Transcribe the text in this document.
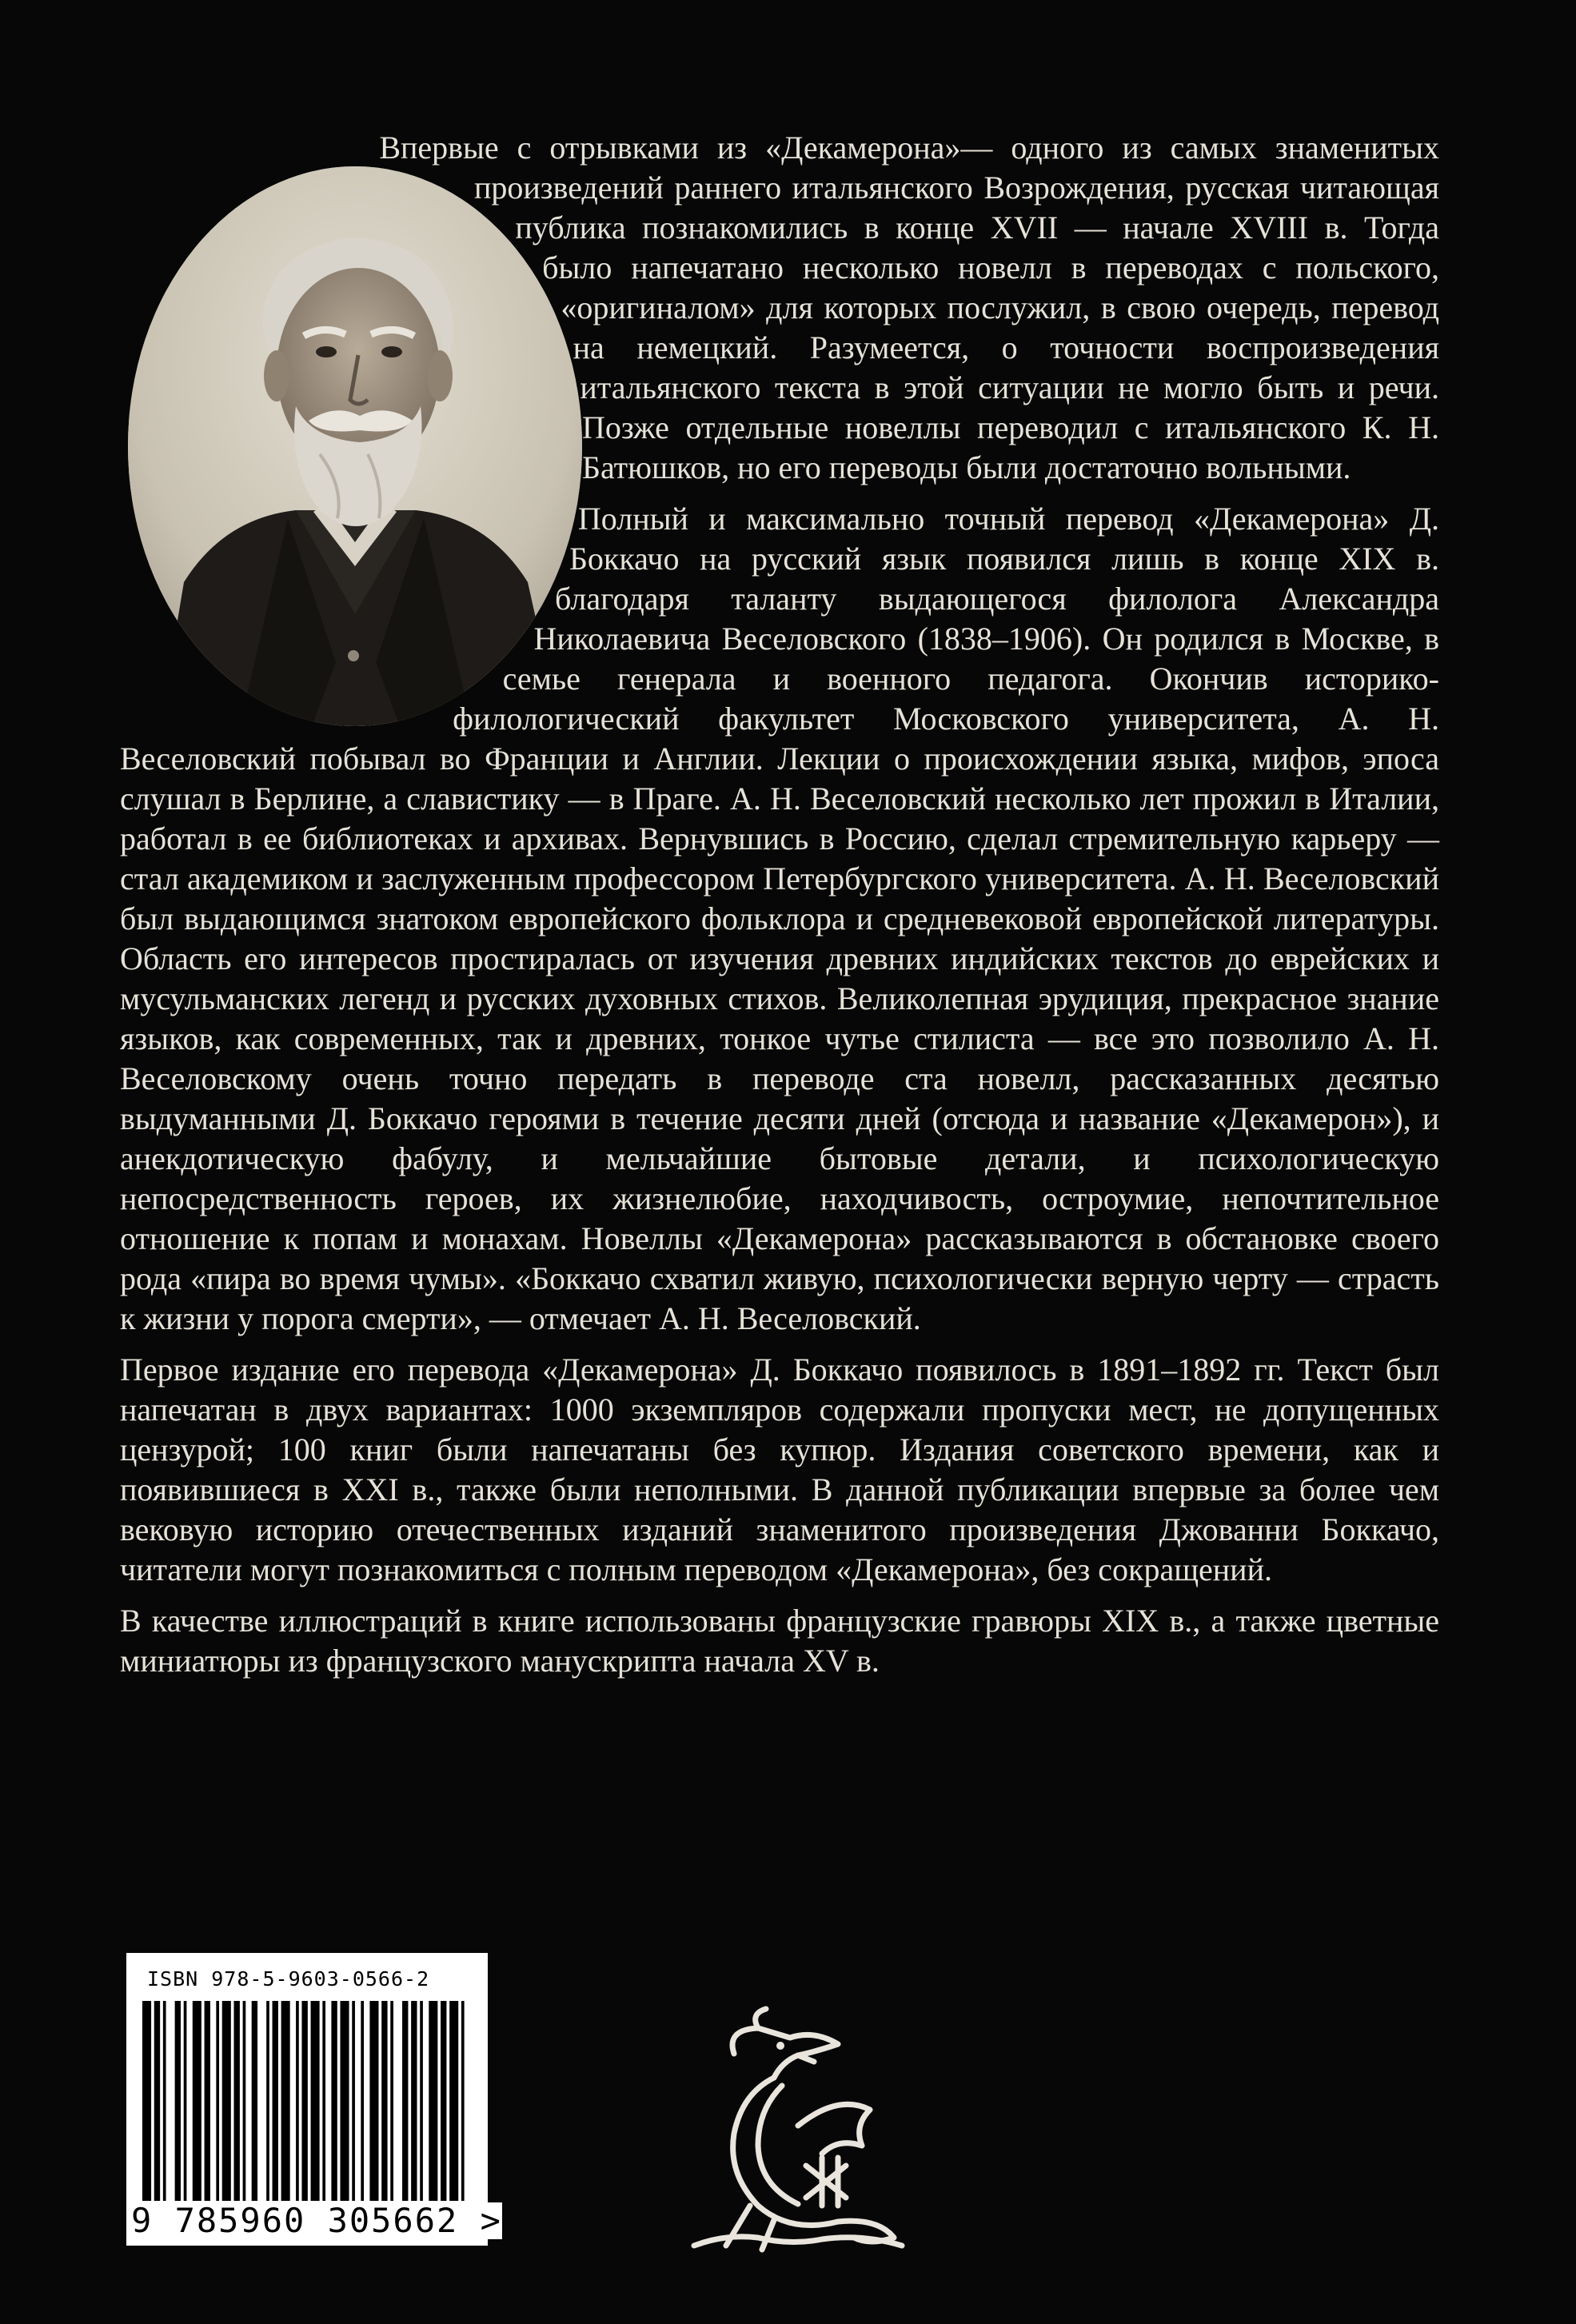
Впервые с отрывками из «Декамерона»— одного из самых знаменитых произведений раннего итальянского Возрождения, русская читающая публика познакомились в конце XVII — начале XVIII в. Тогда было напечатано несколько новелл в переводах с польского, «оригиналом» для которых послужил, в свою очередь, перевод на немецкий. Разумеется, о точности воспроизведения итальянского текста в этой ситуации не могло быть и речи. Позже отдельные новеллы переводил с итальянского К. Н. Батюшков, но его переводы были достаточно вольными.

Полный и максимально точный перевод «Декамерона» Д. Боккачо на русский язык появился лишь в конце XIX в. благодаря таланту выдающегося филолога Александра Николаевича Веселовского (1838–1906). Он родился в Москве, в семье генерала и военного педагога. Окончив историко-филологический факультет Московского университета, А. Н. Веселовский побывал во Франции и Англии. Лекции о происхождении языка, мифов, эпоса слушал в Берлине, а славистику — в Праге. А. Н. Веселовский несколько лет прожил в Италии, работал в ее библиотеках и архивах. Вернувшись в Россию, сделал стремительную карьеру — стал академиком и заслуженным профессором Петербургского университета. А. Н. Веселовский был выдающимся знатоком европейского фольклора и средневековой европейской литературы. Область его интересов простиралась от изучения древних индийских текстов до еврейских и мусульманских легенд и русских духовных стихов. Великолепная эрудиция, прекрасное знание языков, как современных, так и древних, тонкое чутье стилиста — все это позволило А. Н. Веселовскому очень точно передать в переводе ста новелл, рассказанных десятью выдуманными Д. Боккачо героями в течение десяти дней (отсюда и название «Декамерон»), и анекдотическую фабулу, и мельчайшие бытовые детали, и психологическую непосредственность героев, их жизнелюбие, находчивость, остроумие, непочтительное отношение к попам и монахам. Новеллы «Декамерона» рассказываются в обстановке своего рода «пира во время чумы». «Боккачо схватил живую, психологически верную черту — страсть к жизни у порога смерти», — отмечает А. Н. Веселовский.

Первое издание его перевода «Декамерона» Д. Боккачо появилось в 1891–1892 гг. Текст был напечатан в двух вариантах: 1000 экземпляров содержали пропуски мест, не допущенных цензурой; 100 книг были напечатаны без купюр. Издания советского времени, как и появившиеся в XXI в., также были неполными. В данной публикации впервые за более чем вековую историю отечественных изданий знаменитого произведения Джованни Боккачо, читатели могут познакомиться с полным переводом «Декамерона», без сокращений.

В качестве иллюстраций в книге использованы французские гравюры XIX в., а также цветные миниатюры из французского манускрипта начала XV в.

ISBN 978-5-9603-0566-2
9 785960 305662 >
